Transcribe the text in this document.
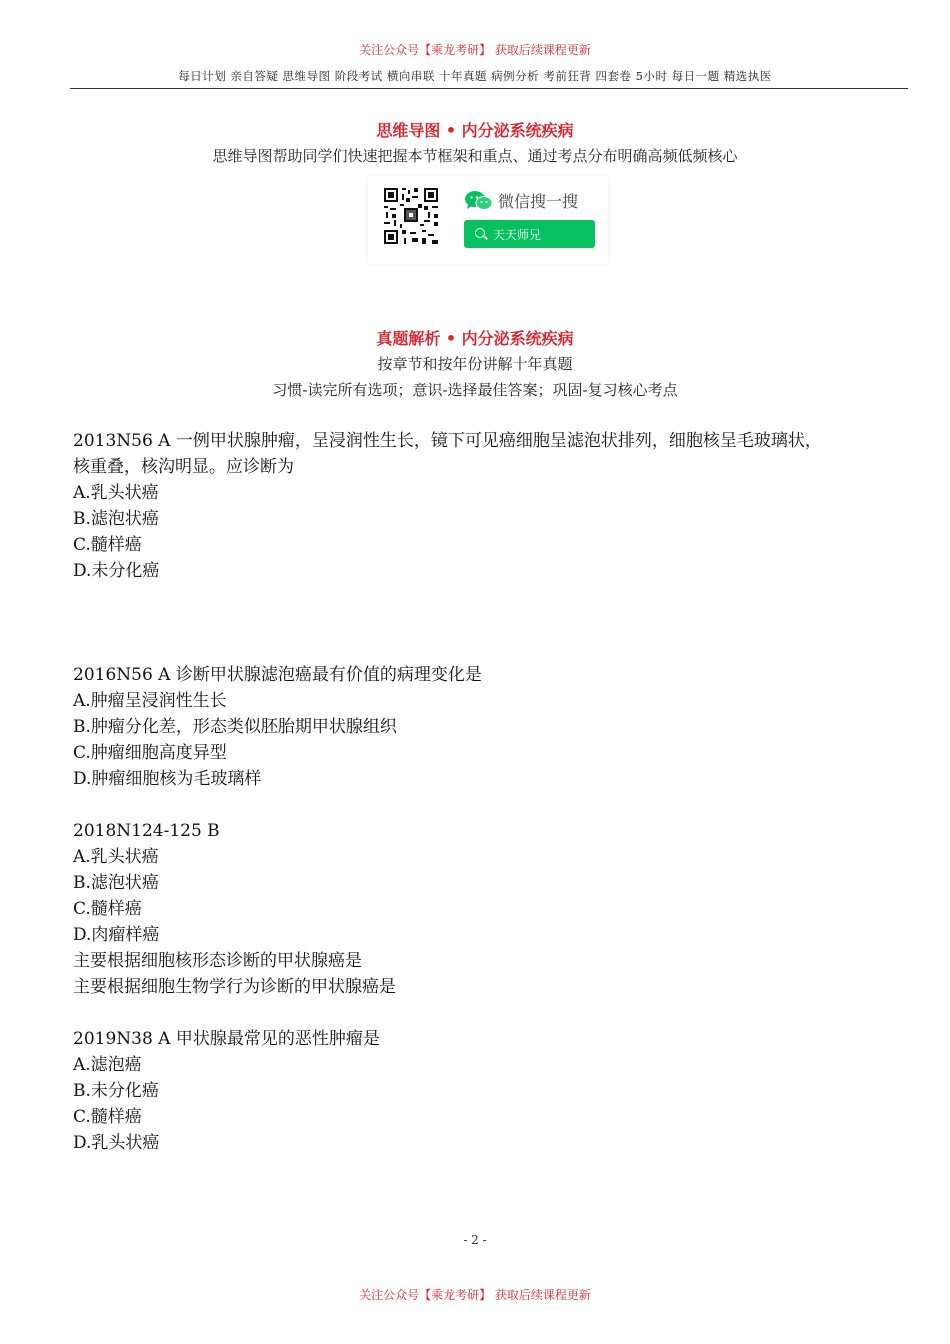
关注公众号【乘龙考研】 获取后续课程更新
每日计划 亲自答疑 思维导图 阶段考试 横向串联 十年真题 病例分析 考前狂背 四套卷 5小时 每日一题 精选执医
思维导图 • 内分泌系统疾病
思维导图帮助同学们快速把握本节框架和重点、通过考点分布明确高频低频核心
微信搜一搜
天天师兄
真题解析 • 内分泌系统疾病
按章节和按年份讲解十年真题
习惯-读完所有选项；意识-选择最佳答案；巩固-复习核心考点
2013N56 A 一例甲状腺肿瘤，呈浸润性生长，镜下可见癌细胞呈滤泡状排列，细胞核呈毛玻璃状，
核重叠，核沟明显。应诊断为
A.乳头状癌
B.滤泡状癌
C.髓样癌
D.未分化癌
2016N56 A 诊断甲状腺滤泡癌最有价值的病理变化是
A.肿瘤呈浸润性生长
B.肿瘤分化差，形态类似胚胎期甲状腺组织
C.肿瘤细胞高度异型
D.肿瘤细胞核为毛玻璃样
2018N124-125 B
A.乳头状癌
B.滤泡状癌
C.髓样癌
D.肉瘤样癌
主要根据细胞核形态诊断的甲状腺癌是
主要根据细胞生物学行为诊断的甲状腺癌是
2019N38 A 甲状腺最常见的恶性肿瘤是
A.滤泡癌
B.未分化癌
C.髓样癌
D.乳头状癌
- 2 -
关注公众号【乘龙考研】 获取后续课程更新
